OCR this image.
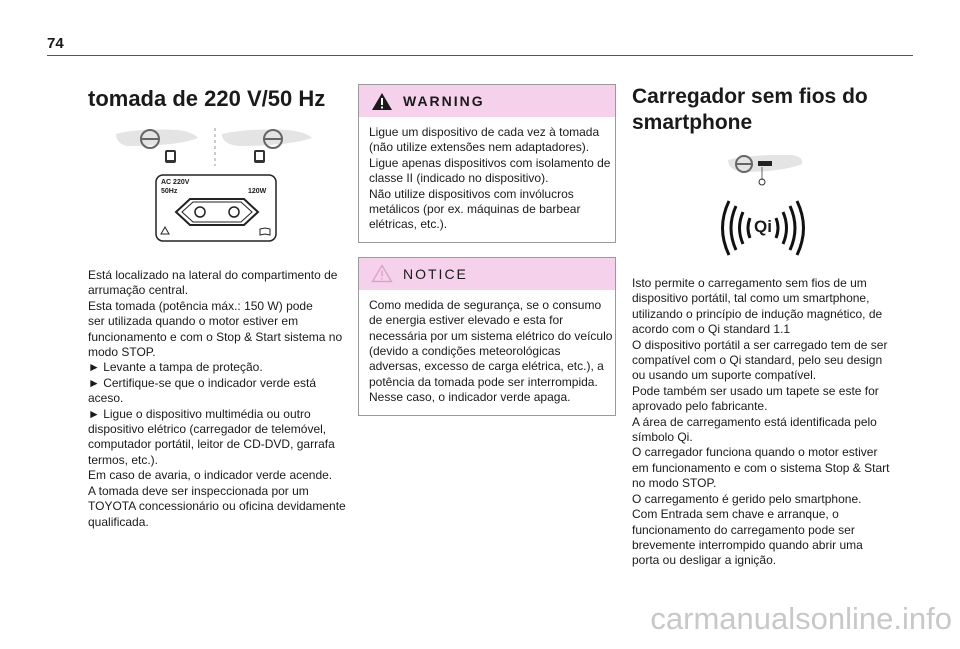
74
tomada de 220 V/50 Hz
AC 220V
50Hz	120W
Está localizado na lateral do compartimento de
arrumação central.
Esta tomada (potência máx.: 150 W) pode
ser utilizada quando o motor estiver em
funcionamento e com o Stop & Start sistema no
modo STOP.
► Levante a tampa de proteção.
► Certifique-se que o indicador verde está
aceso.
► Ligue o dispositivo multimédia ou outro
dispositivo elétrico (carregador de telemóvel,
computador portátil, leitor de CD-DVD, garrafa
termos, etc.).
Em caso de avaria, o indicador verde acende.
A tomada deve ser inspeccionada por um
TOYOTA concessionário ou oficina devidamente
qualificada.
WARNING
Ligue um dispositivo de cada vez à tomada
(não utilize extensões nem adaptadores).
Ligue apenas dispositivos com isolamento de
classe II (indicado no dispositivo).
Não utilize dispositivos com invólucros
metálicos (por ex. máquinas de barbear
elétricas, etc.).
NOTICE
Como medida de segurança, se o consumo
de energia estiver elevado e esta for
necessária por um sistema elétrico do veículo
(devido a condições meteorológicas
adversas, excesso de carga elétrica, etc.), a
potência da tomada pode ser interrompida.
Nesse caso, o indicador verde apaga.
Carregador sem fios do
smartphone
Qi
Isto permite o carregamento sem fios de um
dispositivo portátil, tal como um smartphone,
utilizando o princípio de indução magnético, de
acordo com o Qi standard 1.1
O dispositivo portátil a ser carregado tem de ser
compatível com o Qi standard, pelo seu design
ou usando um suporte compatível.
Pode também ser usado um tapete se este for
aprovado pelo fabricante.
A área de carregamento está identificada pelo
símbolo Qi.
O carregador funciona quando o motor estiver
em funcionamento e com o sistema Stop & Start
no modo STOP.
O carregamento é gerido pelo smartphone.
Com Entrada sem chave e arranque, o
funcionamento do carregamento pode ser
brevemente interrompido quando abrir uma
porta ou desligar a ignição.
carmanualsonline.info
